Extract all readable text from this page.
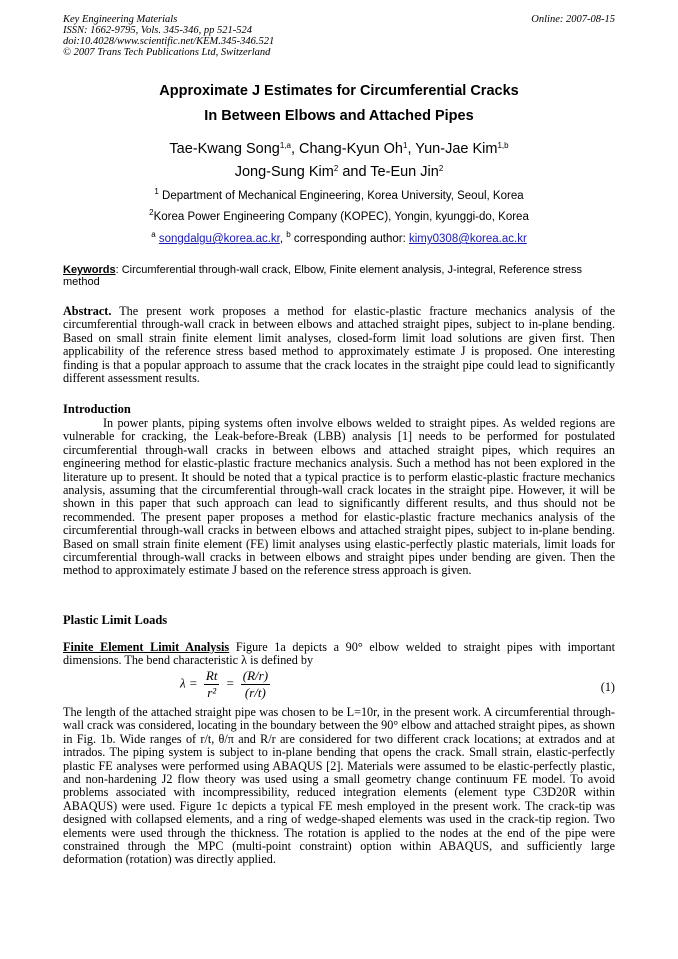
Key Engineering Materials
ISSN: 1662-9795, Vols. 345-346, pp 521-524
doi:10.4028/www.scientific.net/KEM.345-346.521
© 2007 Trans Tech Publications Ltd, Switzerland
Online: 2007-08-15
Approximate J Estimates for Circumferential Cracks
In Between Elbows and Attached Pipes
Tae-Kwang Song$^{1,a}$, Chang-Kyun Oh$^1$, Yun-Jae Kim$^{1,b}$
Jong-Sung Kim$^2$ and Te-Eun Jin$^2$
$^1$ Department of Mechanical Engineering, Korea University, Seoul, Korea
$^2$Korea Power Engineering Company (KOPEC), Yongin, kyunggi-do, Korea
$^a$ songdalgu@korea.ac.kr, $^b$ corresponding author: kimy0308@korea.ac.kr
Keywords: Circumferential through-wall crack, Elbow, Finite element analysis, J-integral, Reference stress method
Abstract. The present work proposes a method for elastic-plastic fracture mechanics analysis of the circumferential through-wall crack in between elbows and attached straight pipes, subject to in-plane bending. Based on small strain finite element limit analyses, closed-form limit load solutions are given first. Then applicability of the reference stress based method to approximately estimate J is proposed. One interesting finding is that a popular approach to assume that the crack locates in the straight pipe could lead to significantly different assessment results.
Introduction
In power plants, piping systems often involve elbows welded to straight pipes. As welded regions are vulnerable for cracking, the Leak-before-Break (LBB) analysis [1] needs to be performed for postulated circumferential through-wall cracks in between elbows and attached straight pipes, which requires an engineering method for elastic-plastic fracture mechanics analysis. Such a method has not been explored in the literature up to present. It should be noted that a typical practice is to perform elastic-plastic fracture mechanics analysis, assuming that the circumferential through-wall crack locates in the straight pipe. However, it will be shown in this paper that such approach can lead to significantly different results, and thus should not be recommended. The present paper proposes a method for elastic-plastic fracture mechanics analysis of the circumferential through-wall cracks in between elbows and attached straight pipes, subject to in-plane bending. Based on small strain finite element (FE) limit analyses using elastic-perfectly plastic materials, limit loads for circumferential through-wall cracks in between elbows and straight pipes under bending are given. Then the method to approximately estimate J based on the reference stress approach is given.
Plastic Limit Loads
Finite Element Limit Analysis Figure 1a depicts a 90° elbow welded to straight pipes with important dimensions. The bend characteristic λ is defined by
$\lambda = \frac{Rt}{\text{r²}} = \frac{(R/r)}{(r/t)}$	(1)
The length of the attached straight pipe was chosen to be L=10r, in the present work. A circumferential through-wall crack was considered, locating in the boundary between the 90° elbow and attached straight pipes, as shown in Fig. 1b. Wide ranges of r/t, θ/π and R/r are considered for two different crack locations; at extrados and at intrados. The piping system is subject to in-plane bending that opens the crack. Small strain, elastic-perfectly plastic FE analyses were performed using ABAQUS [2]. Materials were assumed to be elastic-perfectly plastic, and non-hardening J2 flow theory was used using a small geometry change continuum FE model. To avoid problems associated with incompressibility, reduced integration elements (element type C3D20R within ABAQUS) were used. Figure 1c depicts a typical FE mesh employed in the present work. The crack-tip was designed with collapsed elements, and a ring of wedge-shaped elements was used in the crack-tip region. Two elements were used through the thickness. The rotation is applied to the nodes at the end of the pipe were constrained through the MPC (multi-point constraint) option within ABAQUS, and sufficiently large deformation (rotation) was directly applied.
